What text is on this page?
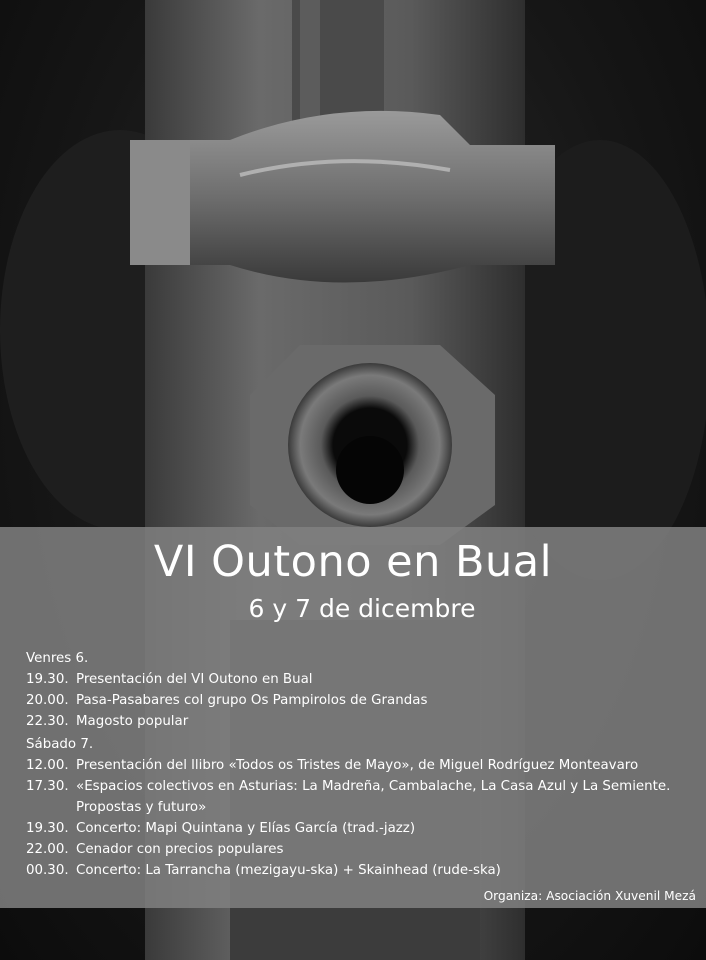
VI Outono en Bual
6 y 7 de dicembre
Venres 6.
19.30. Presentación del VI Outono en Bual
20.00. Pasa-Pasabares col grupo Os Pampirolos de Grandas
22.30. Magosto popular
Sábado 7.
12.00. Presentación del llibro «Todos os Tristes de Mayo», de Miguel Rodríguez Monteavaro
17.30. «Espacios colectivos en Asturias: La Madreña, Cambalache, La Casa Azul y La Semiente. Propostas y futuro»
19.30. Concerto: Mapi Quintana y Elías García (trad.-jazz)
22.00. Cenador con precios populares
00.30. Concerto: La Tarrancha (mezigayu-ska) + Skainhead (rude-ska)
Organiza: Asociación Xuvenil Mezá
